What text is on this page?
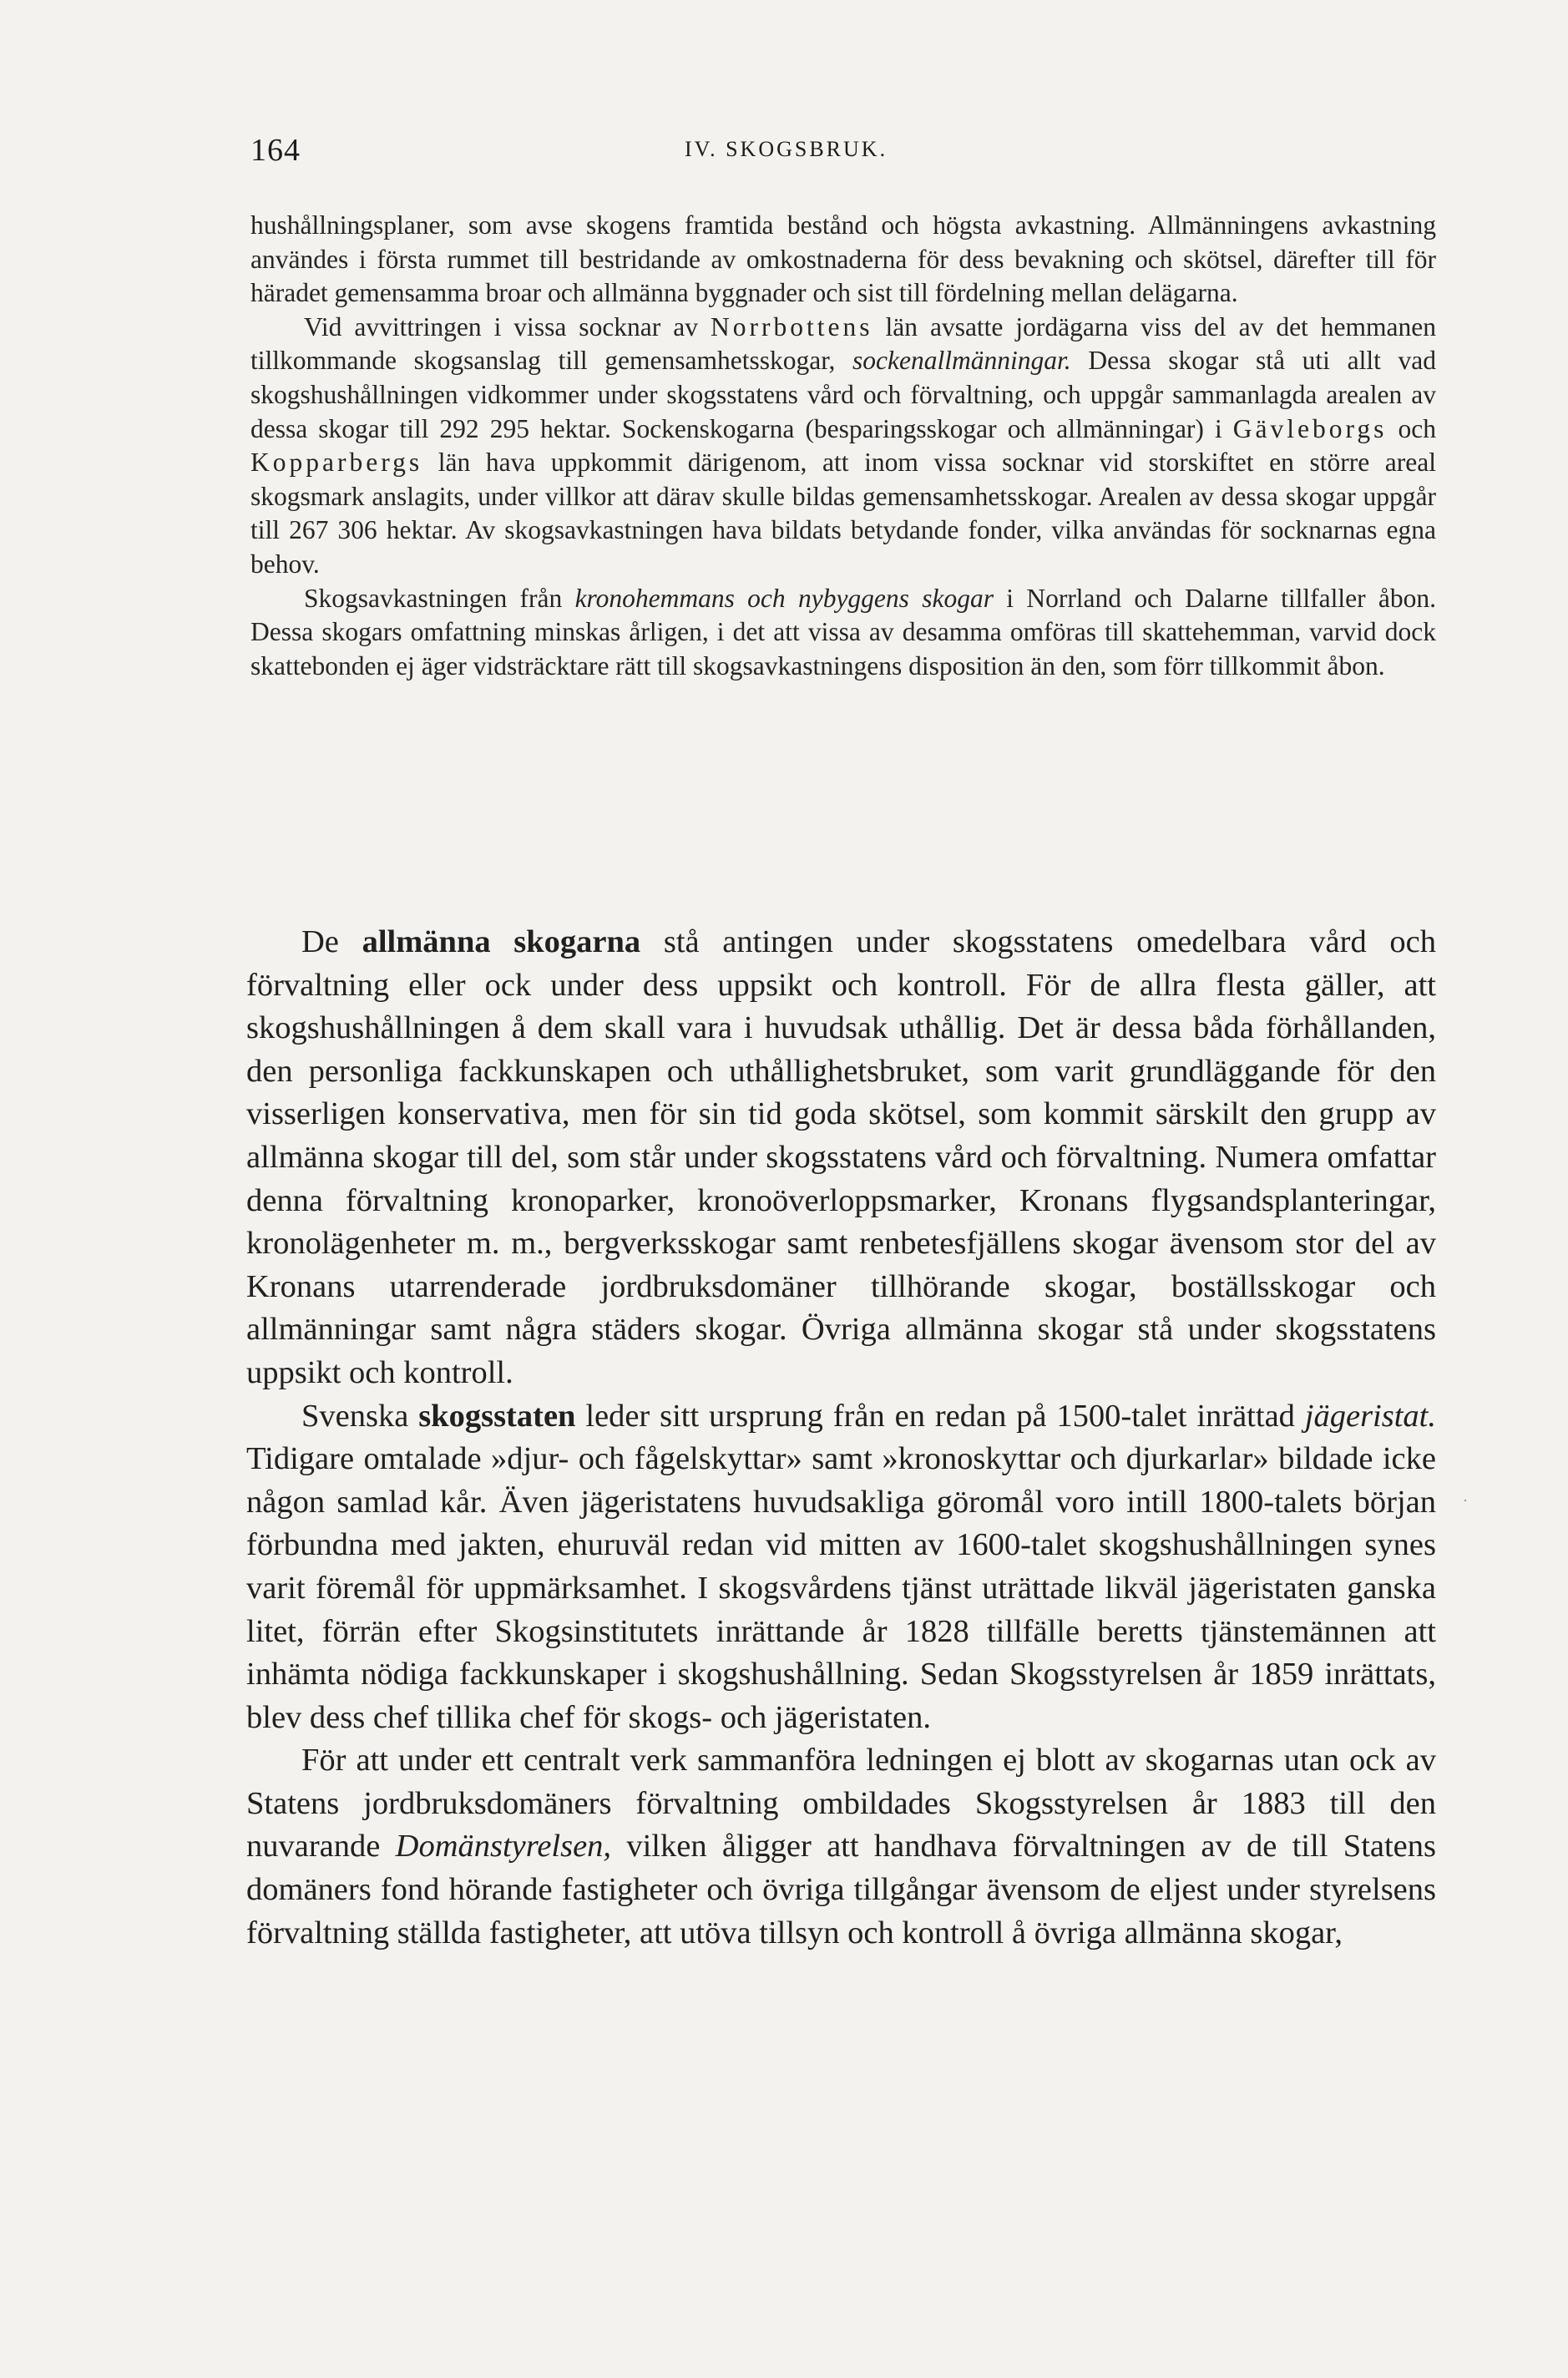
164	IV. SKOGSBRUK.

hushållningsplaner, som avse skogens framtida bestånd och högsta avkastning. Allmänningens avkastning användes i första rummet till bestridande av omkostnaderna för dess bevakning och skötsel, därefter till för häradet gemensamma broar och allmänna byggnader och sist till fördelning mellan delägarna.

Vid avvittringen i vissa socknar av Norrbottens län avsatte jordägarna viss del av det hemmanen tillkommande skogsanslag till gemensamhetsskogar, sockenallmänningar. Dessa skogar stå uti allt vad skogshushållningen vidkommer under skogsstatens vård och förvaltning, och uppgår sammanlagda arealen av dessa skogar till 292 295 hektar. Sockenskogarna (besparingsskogar och allmänningar) i Gävleborgs och Kopparbergs län hava uppkommit därigenom, att inom vissa socknar vid storskiftet en större areal skogsmark anslagits, under villkor att därav skulle bildas gemensamhetsskogar. Arealen av dessa skogar uppgår till 267 306 hektar. Av skogsavkastningen hava bildats betydande fonder, vilka användas för socknarnas egna behov.

Skogsavkastningen från kronohemmans och nybyggens skogar i Norrland och Dalarne tillfaller åbon. Dessa skogars omfattning minskas årligen, i det att vissa av desamma omföras till skattehemman, varvid dock skattebonden ej äger vidsträcktare rätt till skogsavkastningens disposition än den, som förr tillkommit åbon.

De allmänna skogarna stå antingen under skogsstatens omedelbara vård och förvaltning eller ock under dess uppsikt och kontroll. För de allra flesta gäller, att skogshushållningen å dem skall vara i huvudsak uthållig. Det är dessa båda förhållanden, den personliga fackkunskapen och uthållighetsbruket, som varit grundläggande för den visserligen konservativa, men för sin tid goda skötsel, som kommit särskilt den grupp av allmänna skogar till del, som står under skogsstatens vård och förvaltning. Numera omfattar denna förvaltning kronoparker, kronoöverloppsmarker, Kronans flygsandsplanteringar, kronolägenheter m. m., bergverksskogar samt renbetesfjällens skogar ävensom stor del av Kronans utarrenderade jordbruksdomäner tillhörande skogar, boställsskogar och allmänningar samt några städers skogar. Övriga allmänna skogar stå under skogsstatens uppsikt och kontroll.

Svenska skogsstaten leder sitt ursprung från en redan på 1500-talet inrättad jägeristat. Tidigare omtalade »djur- och fågelskyttar» samt »kronoskyttar och djurkarlar» bildade icke någon samlad kår. Även jägeristatens huvudsakliga göromål voro intill 1800-talets början förbundna med jakten, ehuruväl redan vid mitten av 1600-talet skogshushållningen synes varit föremål för uppmärksamhet. I skogsvårdens tjänst uträttade likväl jägeristaten ganska litet, förrän efter Skogsinstitutets inrättande år 1828 tillfälle beretts tjänstemännen att inhämta nödiga fackkunskaper i skogshushållning. Sedan Skogsstyrelsen år 1859 inrättats, blev dess chef tillika chef för skogs- och jägeristaten.

För att under ett centralt verk sammanföra ledningen ej blott av skogarnas utan ock av Statens jordbruksdomäners förvaltning ombildades Skogsstyrelsen år 1883 till den nuvarande Domänstyrelsen, vilken åligger att handhava förvaltningen av de till Statens domäners fond hörande fastigheter och övriga tillgångar ävensom de eljest under styrelsens förvaltning ställda fastigheter, att utöva tillsyn och kontroll å övriga allmänna skogar,

·
